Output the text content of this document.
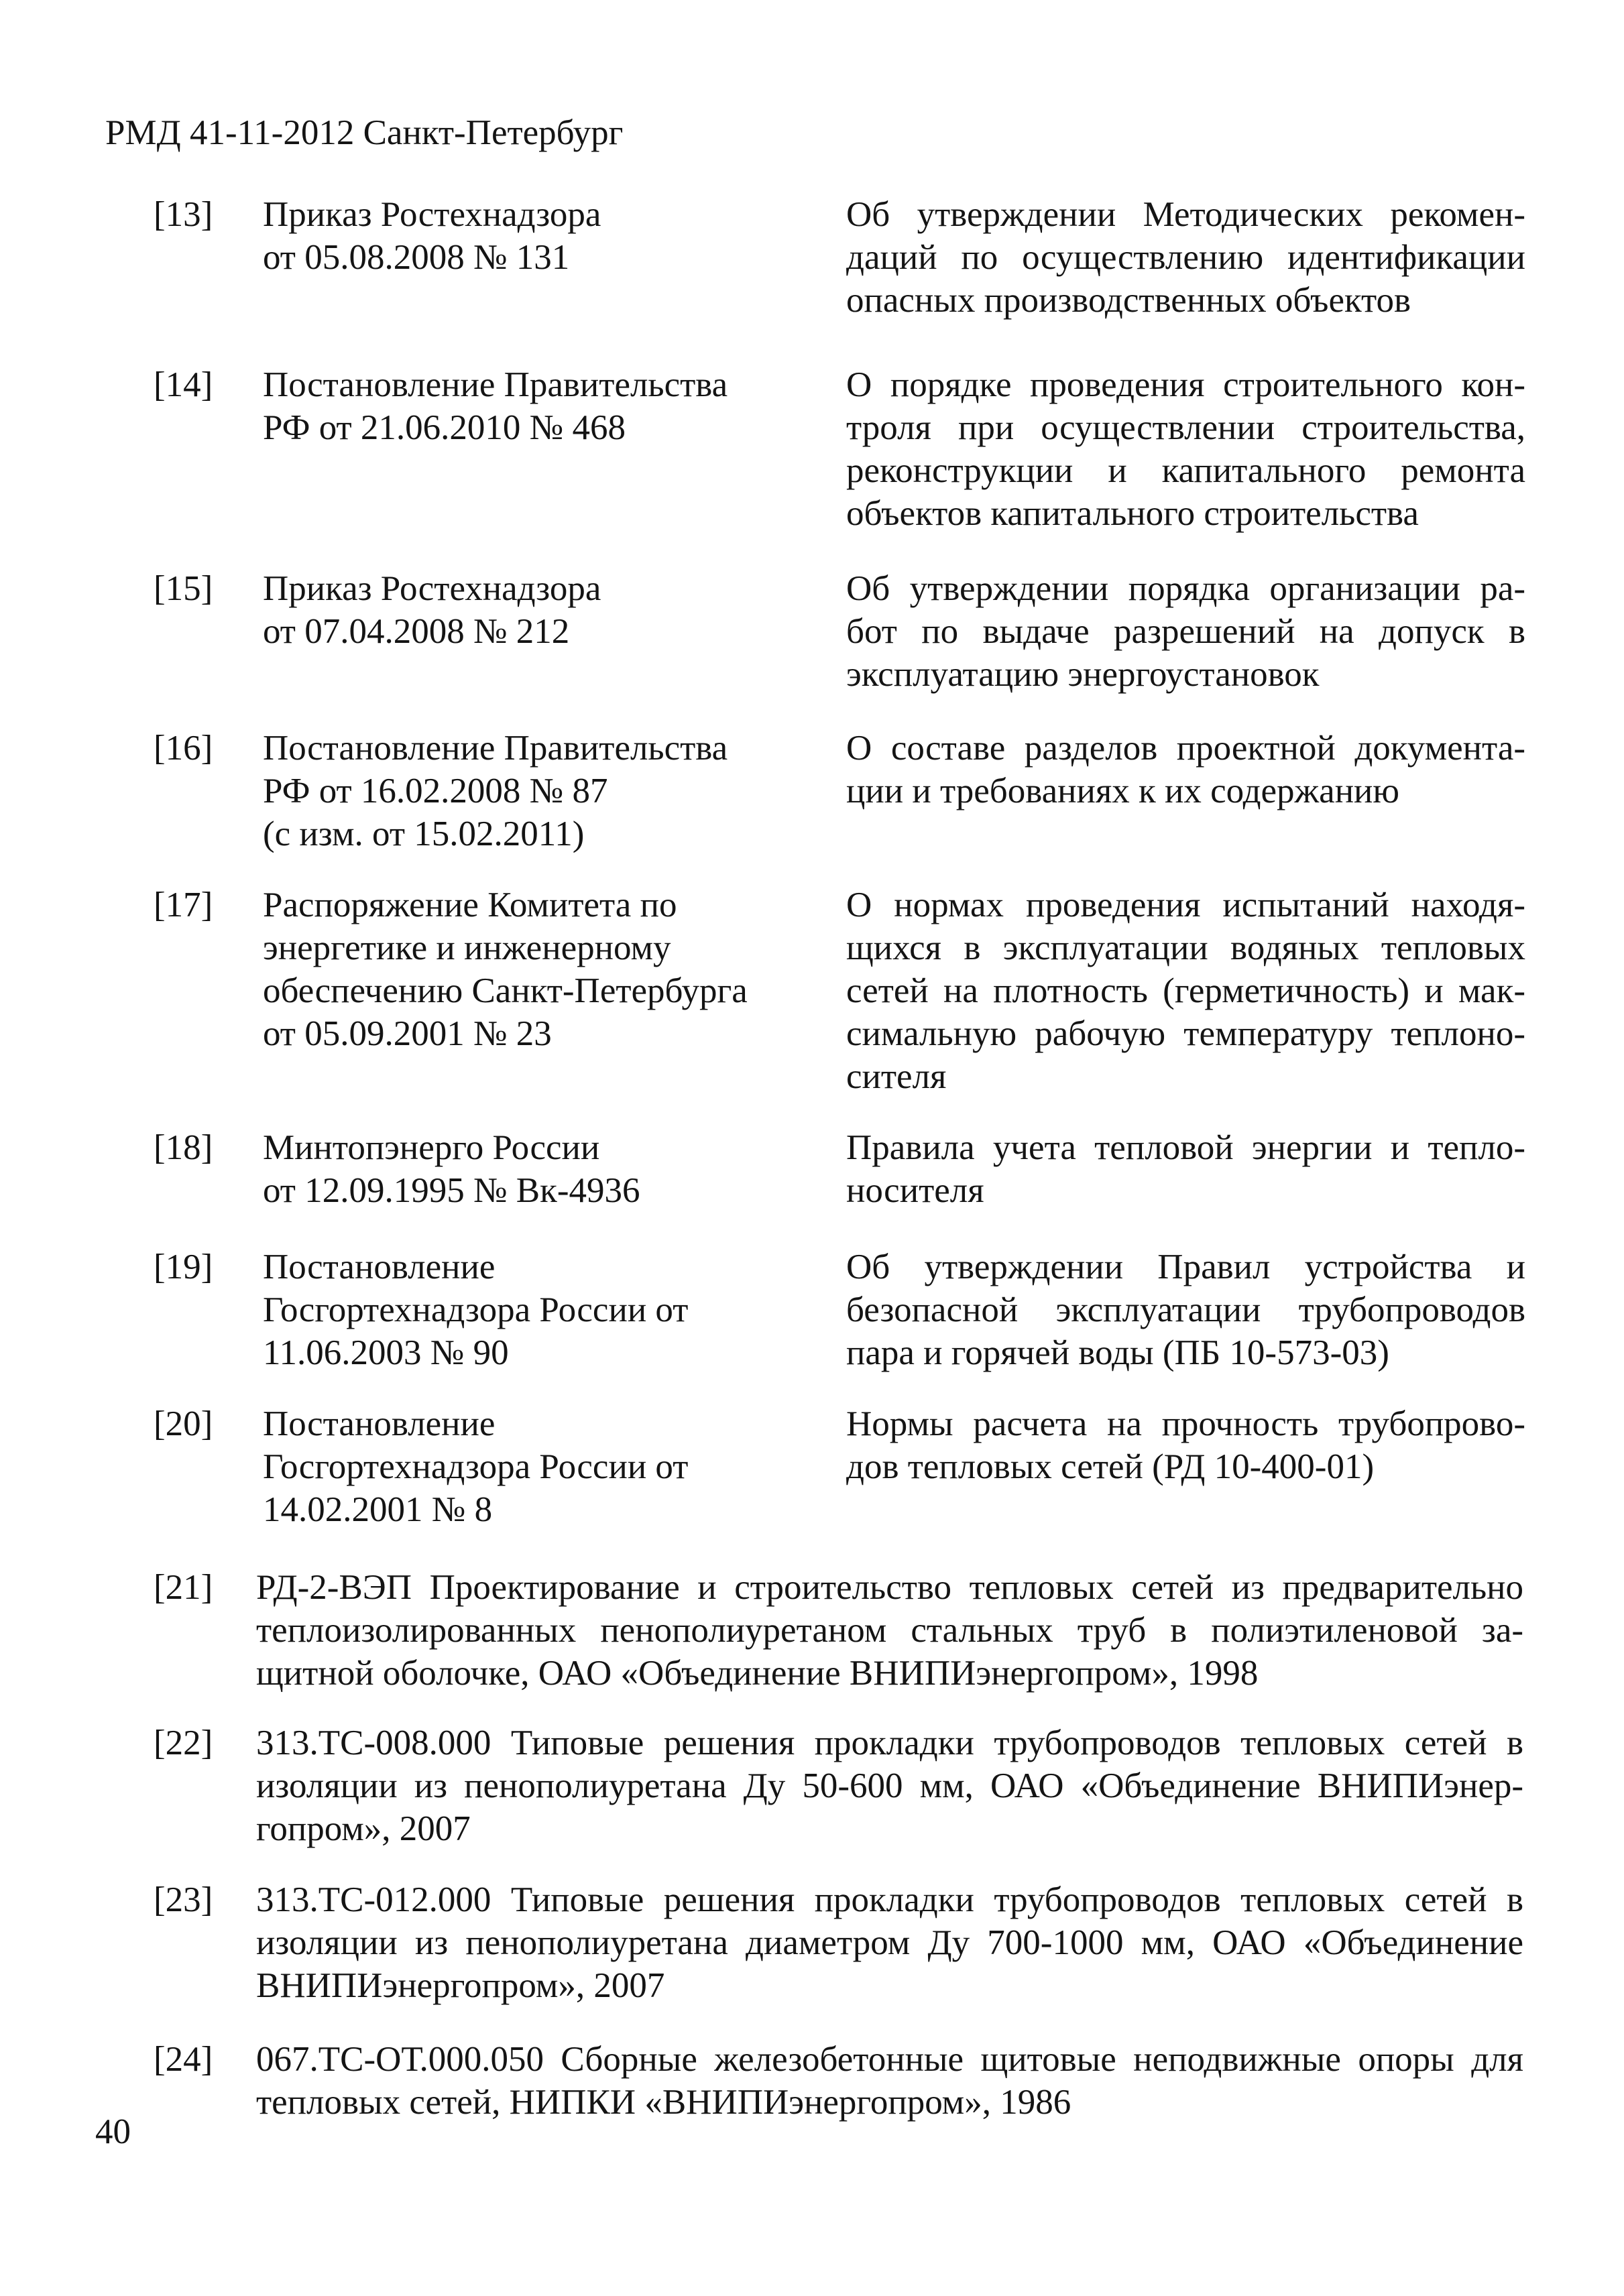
РМД 41-11-2012 Санкт-Петербург
[13] Приказ Ростехнадзора
от 05.08.2008 № 131
Об утверждении Методических рекомен-
даций по осуществлению идентификации
опасных производственных объектов
[14] Постановление Правительства
РФ от 21.06.2010 № 468
О порядке проведения строительного кон-
троля при осуществлении строительства,
реконструкции и капитального ремонта
объектов капитального строительства
[15] Приказ Ростехнадзора
от 07.04.2008 № 212
Об утверждении порядка организации ра-
бот по выдаче разрешений на допуск в
эксплуатацию энергоустановок
[16] Постановление Правительства
РФ от 16.02.2008 № 87
(с изм. от 15.02.2011)
О составе разделов проектной документа-
ции и требованиях к их содержанию
[17] Распоряжение Комитета по
энергетике и инженерному
обеспечению Санкт-Петербурга
от 05.09.2001 № 23
О нормах проведения испытаний находя-
щихся в эксплуатации водяных тепловых
сетей на плотность (герметичность) и мак-
симальную рабочую температуру теплоно-
сителя
[18] Минтопэнерго России
от 12.09.1995 № Вк-4936
Правила учета тепловой энергии и тепло-
носителя
[19] Постановление
Госгортехнадзора России от
11.06.2003 № 90
Об утверждении Правил устройства и
безопасной эксплуатации трубопроводов
пара и горячей воды (ПБ 10-573-03)
[20] Постановление
Госгортехнадзора России от
14.02.2001 № 8
Нормы расчета на прочность трубопрово-
дов тепловых сетей (РД 10-400-01)
[21] РД-2-ВЭП Проектирование и строительство тепловых сетей из предварительно
теплоизолированных пенополиуретаном стальных труб в полиэтиленовой за-
щитной оболочке, ОАО «Объединение ВНИПИэнергопром», 1998
[22] 313.ТС-008.000 Типовые решения прокладки трубопроводов тепловых сетей в
изоляции из пенополиуретана Ду 50-600 мм, ОАО «Объединение ВНИПИэнер-
гопром», 2007
[23] 313.ТС-012.000 Типовые решения прокладки трубопроводов тепловых сетей в
изоляции из пенополиуретана диаметром Ду 700-1000 мм, ОАО «Объединение
ВНИПИэнергопром», 2007
[24] 067.ТС-ОТ.000.050 Сборные железобетонные щитовые неподвижные опоры для
тепловых сетей, НИПКИ «ВНИПИэнергопром», 1986
40
